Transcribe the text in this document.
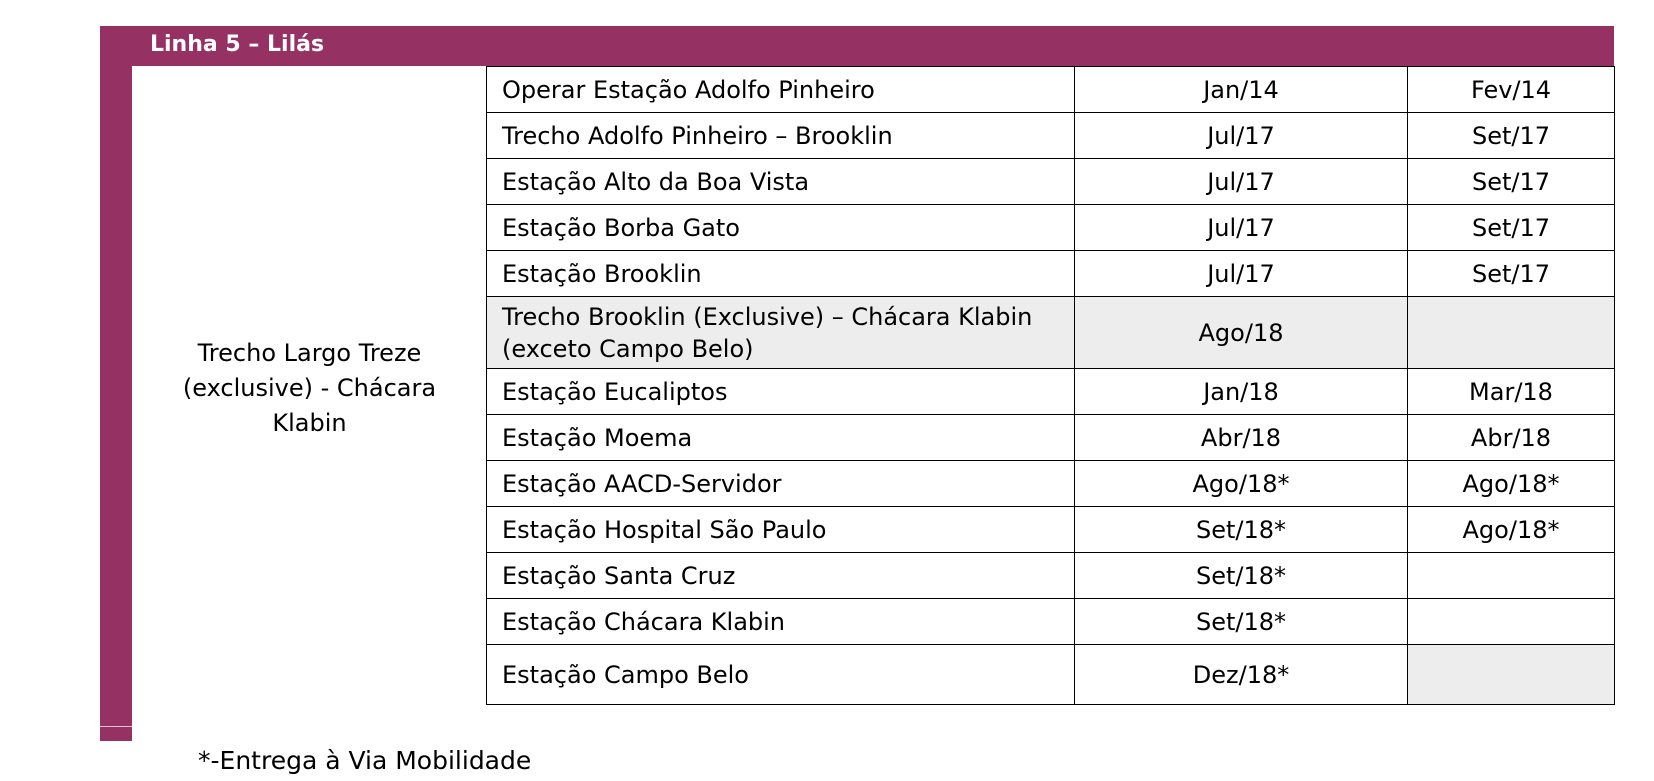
Linha 5 – Lilás
Trecho Largo Treze (exclusive) - Chácara Klabin
Operar Estação Adolfo Pinheiro	Jan/14	Fev/14
Trecho Adolfo Pinheiro – Brooklin	Jul/17	Set/17
Estação Alto da Boa Vista	Jul/17	Set/17
Estação Borba Gato	Jul/17	Set/17
Estação Brooklin	Jul/17	Set/17
Trecho Brooklin (Exclusive) – Chácara Klabin (exceto Campo Belo)	Ago/18	
Estação Eucaliptos	Jan/18	Mar/18
Estação Moema	Abr/18	Abr/18
Estação AACD-Servidor	Ago/18*	Ago/18*
Estação Hospital São Paulo	Set/18*	Ago/18*
Estação Santa Cruz	Set/18*	
Estação Chácara Klabin	Set/18*	
Estação Campo Belo	Dez/18*	
*-Entrega à Via Mobilidade
